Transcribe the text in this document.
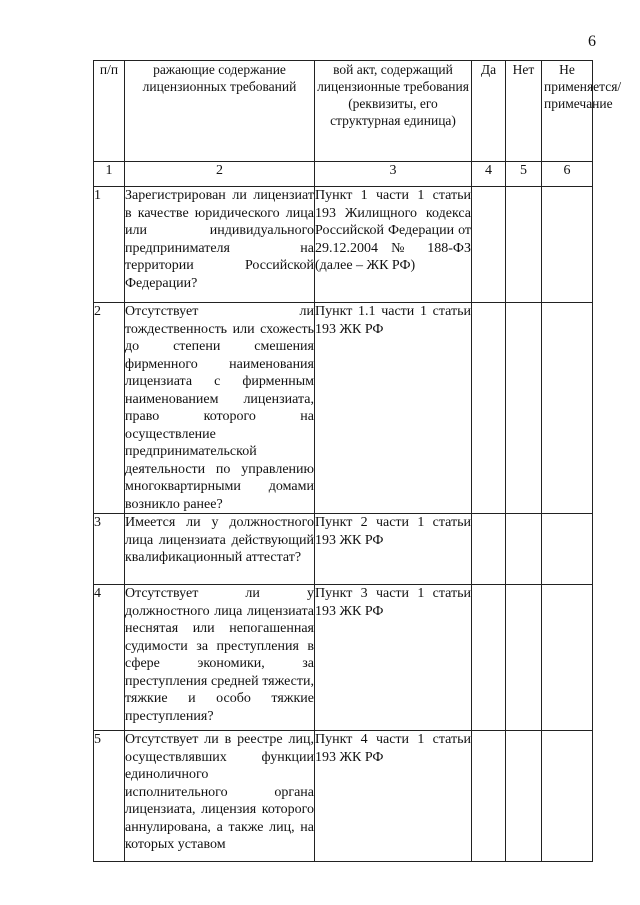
6
п/п	ражающие содержание лицензионных требований	вой акт, содержащий лицензионные требования (реквизиты, его структурная единица)	Да	Нет	Не применяется/ примечание
1	2	3	4	5	6
1	Зарегистрирован ли лицензиат в качестве юридического лица или индивидуального предпринимателя на территории Российской Федерации?	Пункт 1 части 1 статьи 193 Жилищного кодекса Российской Федерации от 29.12.2004 № 188-ФЗ (далее – ЖК РФ)			
2	Отсутствует ли тождественность или схожесть до степени смешения фирменного наименования лицензиата с фирменным наименованием лицензиата, право которого на осуществление предпринимательской деятельности по управлению многоквартирными домами возникло ранее?	Пункт 1.1 части 1 статьи 193 ЖК РФ			
3	Имеется ли у должностного лица лицензиата действующий квалификационный аттестат?	Пункт 2 части 1 статьи 193 ЖК РФ			
4	Отсутствует ли у должностного лица лицензиата неснятая или непогашенная судимости за преступления в сфере экономики, за преступления средней тяжести, тяжкие и особо тяжкие преступления?	Пункт 3 части 1 статьи 193 ЖК РФ			
5	Отсутствует ли в реестре лиц, осуществлявших функции единоличного исполнительного органа лицензиата, лицензия которого аннулирована, а также лиц, на которых уставом	Пункт 4 части 1 статьи 193 ЖК РФ			
